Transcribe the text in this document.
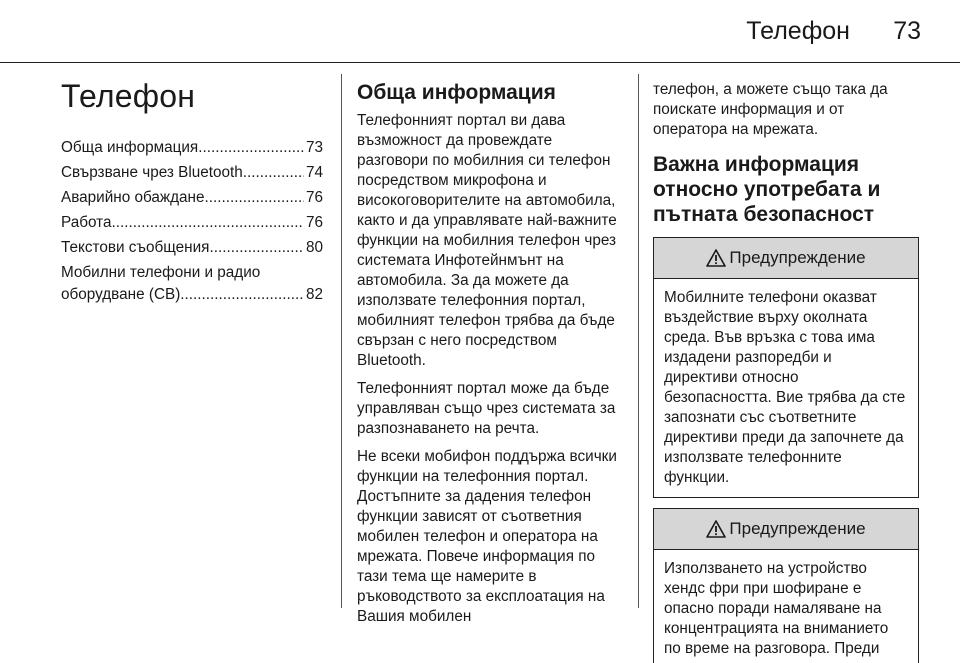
Телефон 73
Телефон
Обща информация .....	73
Свързване чрез Bluetooth .....	74
Аварийно обаждане .....	76
Работа .....	76
Текстови съобщения .....	80
Мобилни телефони и радио
оборудване (CB) .....	82
Обща информация

Телефонният портал ви дава възможност да провеждате разговори по мобилния си телефон посредством микрофона и високоговорителите на автомобила, както и да управлявате най-важните функции на мобилния телефон чрез системата Инфотейнмънт на автомобила. За да можете да използвате телефонния портал, мобилният телефон трябва да бъде свързан с него посредством Bluetooth.

Телефонният портал може да бъде управляван също чрез системата за разпознаването на речта.

Не всеки мобифон поддържа всички функции на телефонния портал. Достъпните за дадения телефон функции зависят от съответния мобилен телефон и оператора на мрежата. Повече информация по тази тема ще намерите в ръководството за експлоатация на Вашия мобилен

телефон, а можете също така да поискате информация и от оператора на мрежата.

Важна информация относно употребата и пътната безопасност
Предупреждение
Мобилните телефони оказват въздействие върху околната среда. Във връзка с това има издадени разпоредби и директиви относно безопасността. Вие трябва да сте запознати със съответните директиви преди да започнете да използвате телефонните функции.
Предупреждение
Използването на устройство хендс фри при шофиране е опасно поради намаляване на концентрацията на вниманието по време на разговора. Преди
